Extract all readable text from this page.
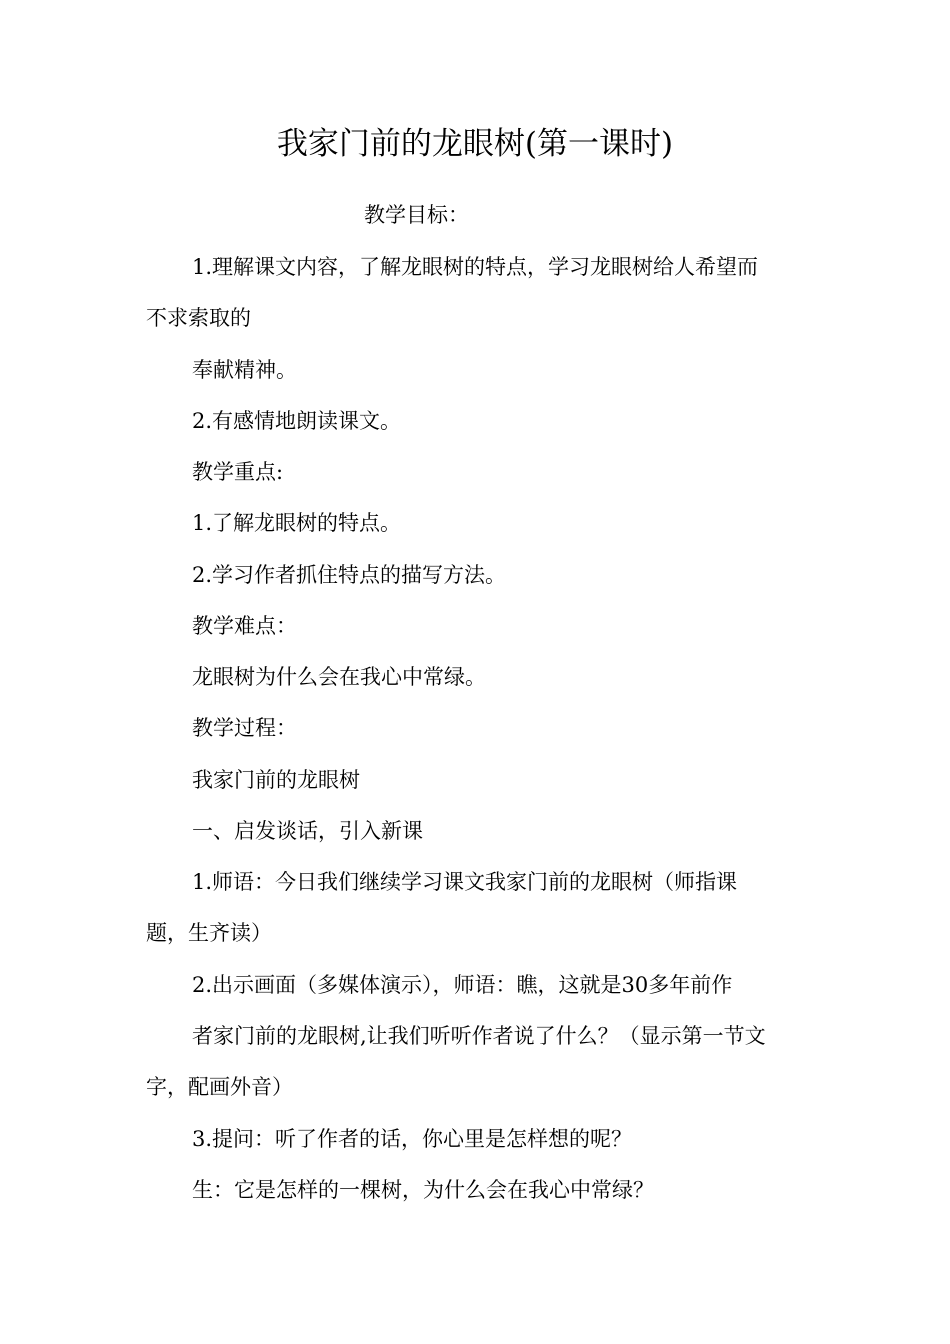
我家门前的龙眼树(第一课时)
教学目标：
1.理解课文内容，了解龙眼树的特点，学习龙眼树给人希望而
不求索取的
奉献精神。
2.有感情地朗读课文。
教学重点:
1.了解龙眼树的特点。
2.学习作者抓住特点的描写方法。
教学难点：
龙眼树为什么会在我心中常绿。
教学过程：
我家门前的龙眼树
一、启发谈话，引入新课
1.师语：今日我们继续学习课文我家门前的龙眼树（师指课
题，生齐读）
2.出示画面（多媒体演示），师语：瞧，这就是30多年前作
者家门前的龙眼树,让我们听听作者说了什么？（显示第一节文
字，配画外音）
3.提问：听了作者的话，你心里是怎样想的呢？
生：它是怎样的一棵树，为什么会在我心中常绿？
